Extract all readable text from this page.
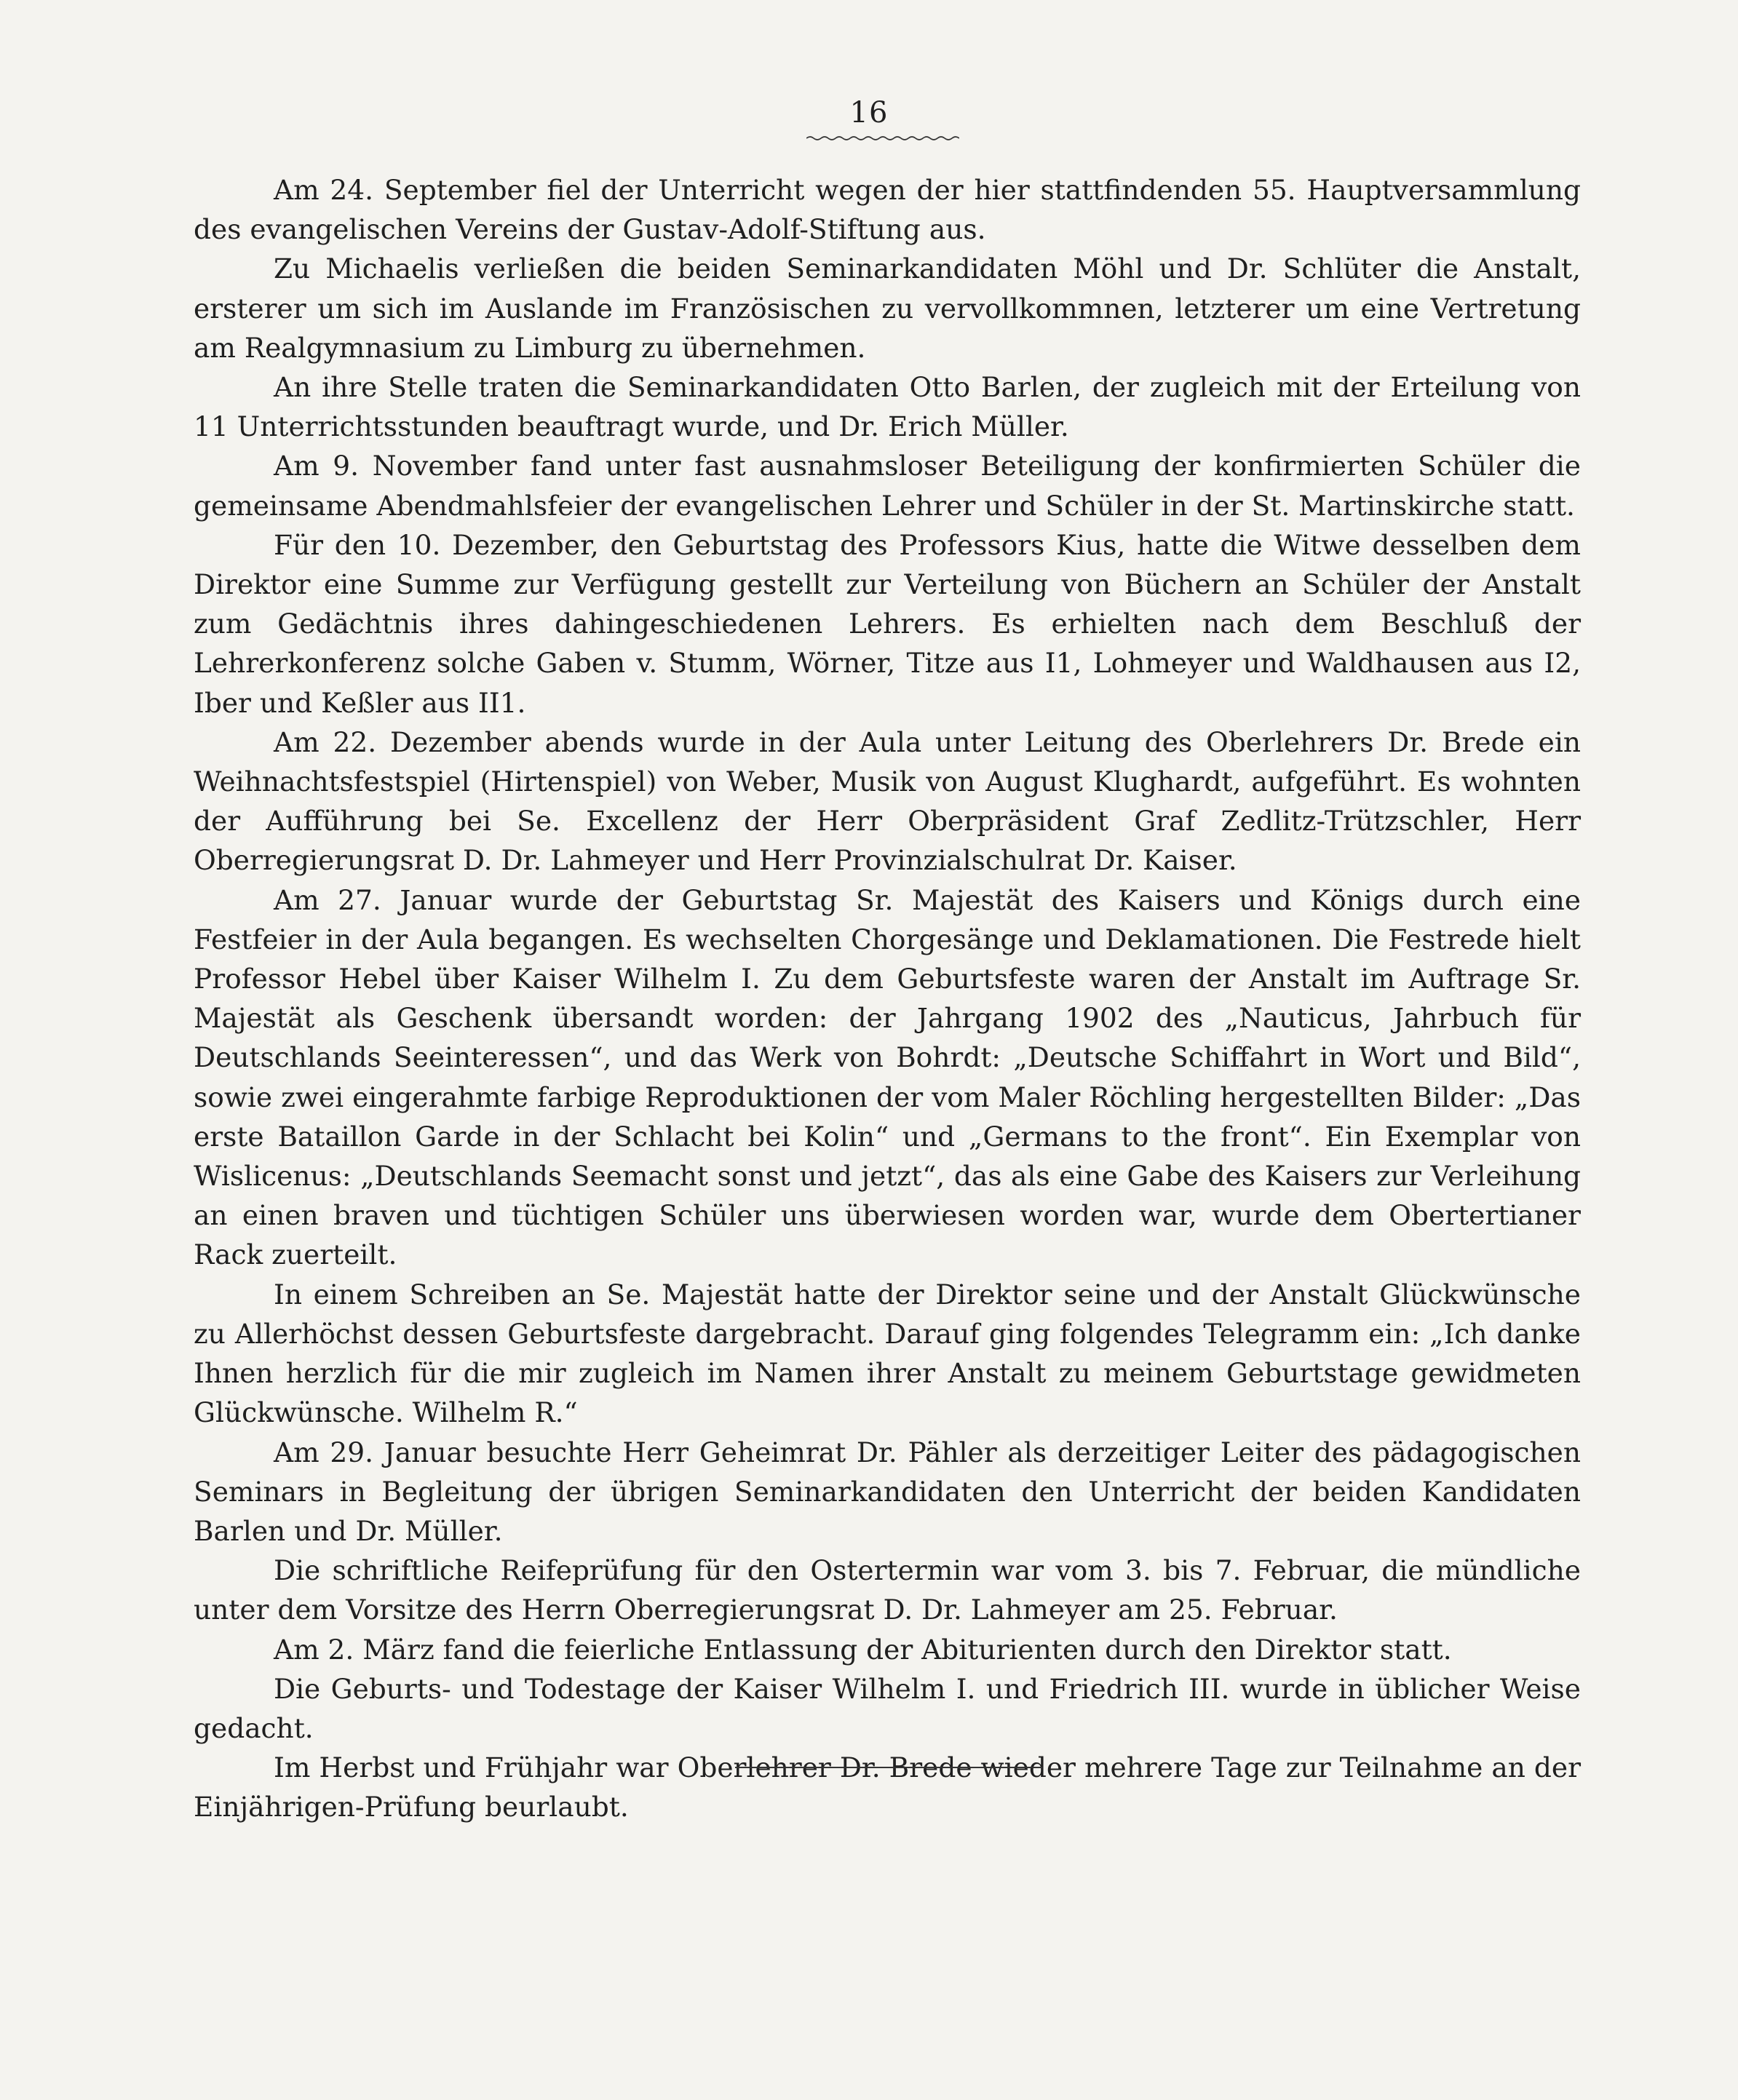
16

Am 24. September fiel der Unterricht wegen der hier stattfindenden 55. Hauptversammlung des evangelischen Vereins der Gustav-Adolf-Stiftung aus.

Zu Michaelis verließen die beiden Seminarkandidaten Möhl und Dr. Schlüter die Anstalt, ersterer um sich im Auslande im Französischen zu vervollkommnen, letzterer um eine Vertretung am Realgymnasium zu Limburg zu übernehmen.

An ihre Stelle traten die Seminarkandidaten Otto Barlen, der zugleich mit der Erteilung von 11 Unterrichtsstunden beauftragt wurde, und Dr. Erich Müller.

Am 9. November fand unter fast ausnahmsloser Beteiligung der konfirmierten Schüler die gemeinsame Abendmahlsfeier der evangelischen Lehrer und Schüler in der St. Martinskirche statt.

Für den 10. Dezember, den Geburtstag des Professors Kius, hatte die Witwe desselben dem Direktor eine Summe zur Verfügung gestellt zur Verteilung von Büchern an Schüler der Anstalt zum Gedächtnis ihres dahingeschiedenen Lehrers. Es erhielten nach dem Beschluß der Lehrerkonferenz solche Gaben v. Stumm, Wörner, Titze aus I1, Lohmeyer und Waldhausen aus I2, Iber und Keßler aus II1.

Am 22. Dezember abends wurde in der Aula unter Leitung des Oberlehrers Dr. Brede ein Weihnachtsfestspiel (Hirtenspiel) von Weber, Musik von August Klughardt, aufgeführt. Es wohnten der Aufführung bei Se. Excellenz der Herr Oberpräsident Graf Zedlitz-Trützschler, Herr Oberregierungsrat D. Dr. Lahmeyer und Herr Provinzialschulrat Dr. Kaiser.

Am 27. Januar wurde der Geburtstag Sr. Majestät des Kaisers und Königs durch eine Festfeier in der Aula begangen. Es wechselten Chorgesänge und Deklamationen. Die Festrede hielt Professor Hebel über Kaiser Wilhelm I. Zu dem Geburtsfeste waren der Anstalt im Auftrage Sr. Majestät als Geschenk übersandt worden: der Jahrgang 1902 des „Nauticus, Jahrbuch für Deutschlands Seeinteressen“, und das Werk von Bohrdt: „Deutsche Schiffahrt in Wort und Bild“, sowie zwei eingerahmte farbige Reproduktionen der vom Maler Röchling hergestellten Bilder: „Das erste Bataillon Garde in der Schlacht bei Kolin“ und „Germans to the front“. Ein Exemplar von Wislicenus: „Deutschlands Seemacht sonst und jetzt“, das als eine Gabe des Kaisers zur Verleihung an einen braven und tüchtigen Schüler uns überwiesen worden war, wurde dem Obertertianer Rack zuerteilt.

In einem Schreiben an Se. Majestät hatte der Direktor seine und der Anstalt Glückwünsche zu Allerhöchst dessen Geburtsfeste dargebracht. Darauf ging folgendes Telegramm ein: „Ich danke Ihnen herzlich für die mir zugleich im Namen ihrer Anstalt zu meinem Geburtstage gewidmeten Glückwünsche. Wilhelm R.“

Am 29. Januar besuchte Herr Geheimrat Dr. Pähler als derzeitiger Leiter des pädagogischen Seminars in Begleitung der übrigen Seminarkandidaten den Unterricht der beiden Kandidaten Barlen und Dr. Müller.

Die schriftliche Reifeprüfung für den Ostertermin war vom 3. bis 7. Februar, die mündliche unter dem Vorsitze des Herrn Oberregierungsrat D. Dr. Lahmeyer am 25. Februar.

Am 2. März fand die feierliche Entlassung der Abiturienten durch den Direktor statt.

Die Geburts- und Todestage der Kaiser Wilhelm I. und Friedrich III. wurde in üblicher Weise gedacht.

Im Herbst und Frühjahr war Oberlehrer Dr. Brede wieder mehrere Tage zur Teilnahme an der Einjährigen-Prüfung beurlaubt.
